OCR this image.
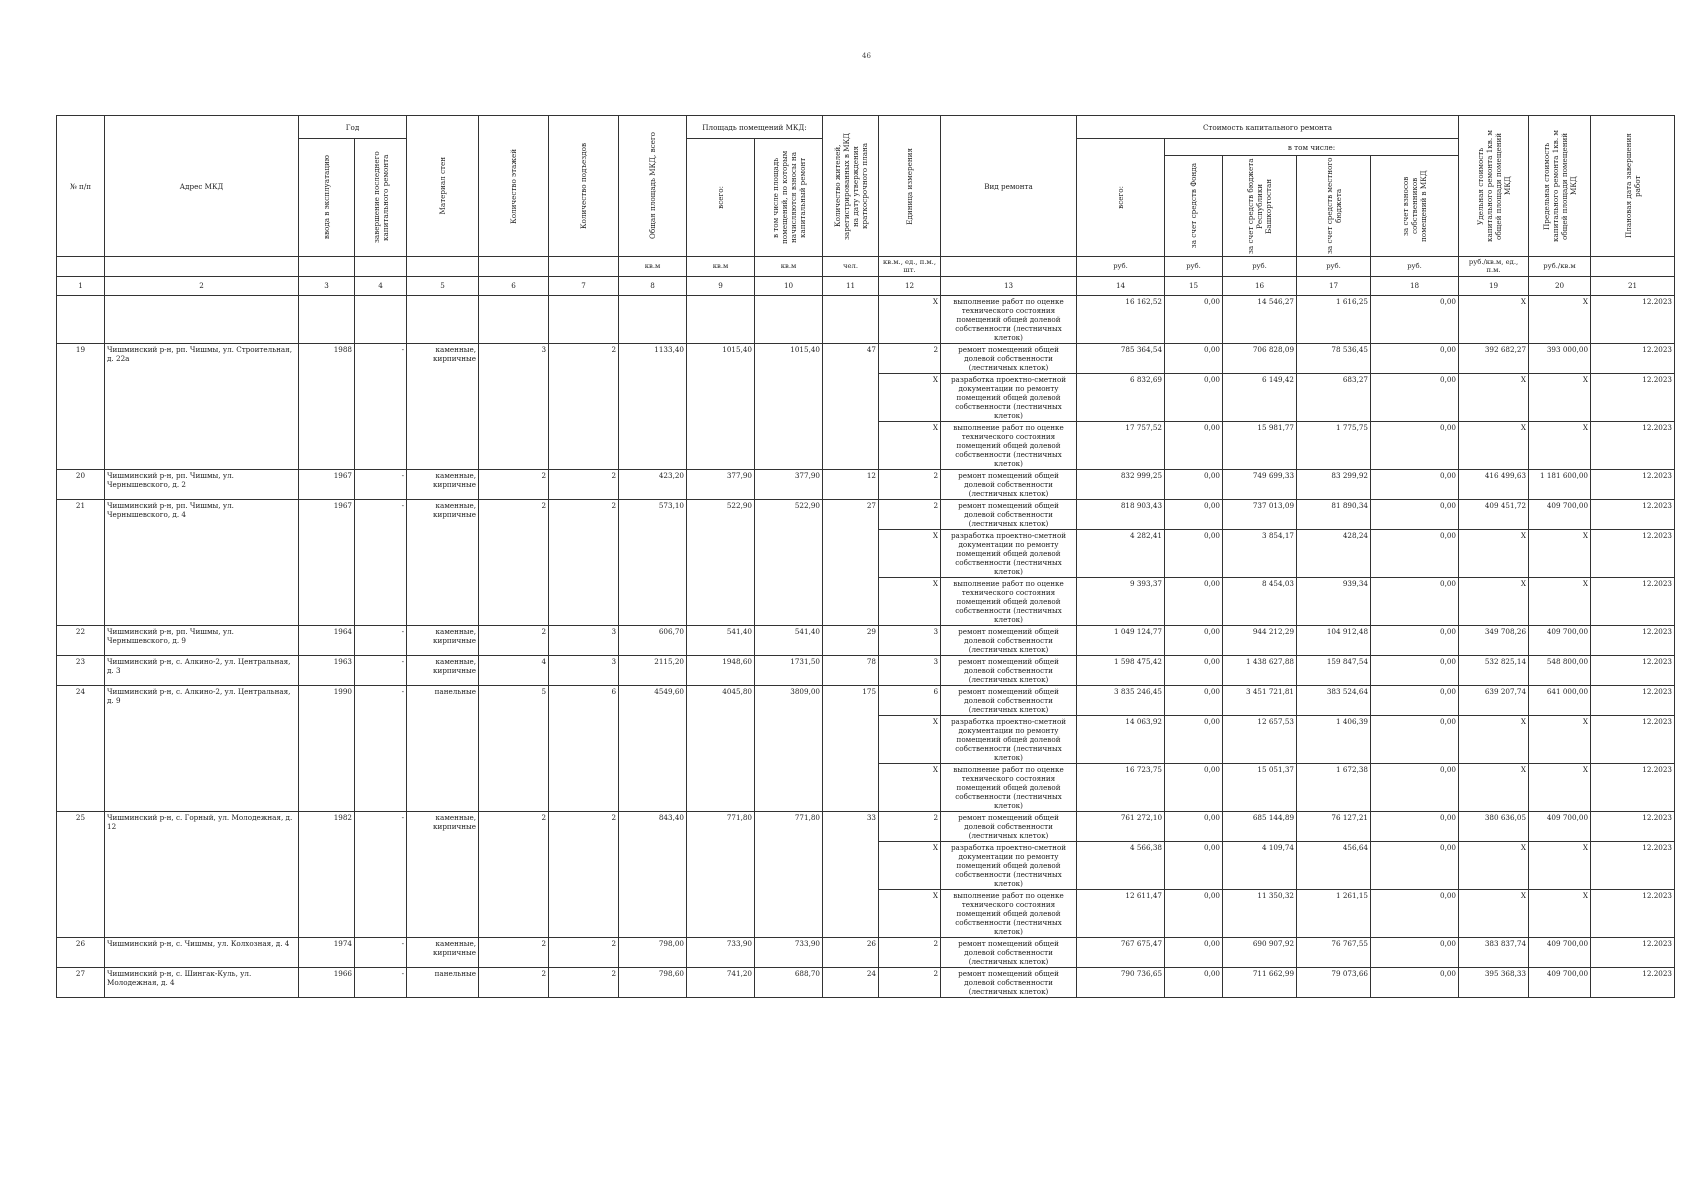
46
№ п/п	Адрес МКД	Год		Материал стен	Количество этажей	Количество подъездов	Общая площадь МКД, всего	Площадь помещений МКД:		Количество жителей, зарегистрированных в МКД на дату утверждения краткосрочного плана	Единица измерения	Вид ремонта	Стоимость капитального ремонта					Удельная стоимость капитального ремонта 1кв. м общей площади помещений МКД	Предельная стоимость капитального ремонта 1кв. м общей площади помещений МКД	Плановая дата завершения работ

		ввода в эксплуатацию	завершение последнего капитального ремонта					всего:	в том числе площадь помещений, по которым начисляются взносы на капитальный ремонт				всего:	в том числе:						

														за счет средств Фонда	за счет средств бюджета Республики Башкортостан	за счет средств местного бюджета	за счет взносов собственников помещений в МКД			

							кв.м	кв.м	кв.м	чел.	кв.м., ед., п.м., шт.		руб.	руб.	руб.	руб.	руб.	руб./кв.м, ед., п.м.	руб./кв.м	
1	2	3	4	5	6	7	8	9	10	11	12	13	14	15	16	17	18	19	20	21
											X	выполнение работ по оценке технического состояния помещений общей долевой собственности (лестничных клеток)	16 162,52	0,00	14 546,27	1 616,25	0,00	X	X	12.2023
19	Чишминский р-н, рп. Чишмы, ул. Строительная, д. 22а	1988	-	каменные, кирпичные	3	2	1133,40	1015,40	1015,40	47	2	ремонт помещений общей долевой собственности (лестничных клеток)	785 364,54	0,00	706 828,09	78 536,45	0,00	392 682,27	393 000,00	12.2023
											X	разработка проектно-сметной документации по ремонту помещений общей долевой собственности (лестничных клеток)	6 832,69	0,00	6 149,42	683,27	0,00	X	X	12.2023
											X	выполнение работ по оценке технического состояния помещений общей долевой собственности (лестничных клеток)	17 757,52	0,00	15 981,77	1 775,75	0,00	X	X	12.2023
20	Чишминский р-н, рп. Чишмы, ул. Чернышевского, д. 2	1967	-	каменные, кирпичные	2	2	423,20	377,90	377,90	12	2	ремонт помещений общей долевой собственности (лестничных клеток)	832 999,25	0,00	749 699,33	83 299,92	0,00	416 499,63	1 181 600,00	12.2023
21	Чишминский р-н, рп. Чишмы, ул. Чернышевского, д. 4	1967	-	каменные, кирпичные	2	2	573,10	522,90	522,90	27	2	ремонт помещений общей долевой собственности (лестничных клеток)	818 903,43	0,00	737 013,09	81 890,34	0,00	409 451,72	409 700,00	12.2023
											X	разработка проектно-сметной документации по ремонту помещений общей долевой собственности (лестничных клеток)	4 282,41	0,00	3 854,17	428,24	0,00	X	X	12.2023
											X	выполнение работ по оценке технического состояния помещений общей долевой собственности (лестничных клеток)	9 393,37	0,00	8 454,03	939,34	0,00	X	X	12.2023
22	Чишминский р-н, рп. Чишмы, ул. Чернышевского, д. 9	1964	-	каменные, кирпичные	2	3	606,70	541,40	541,40	29	3	ремонт помещений общей долевой собственности (лестничных клеток)	1 049 124,77	0,00	944 212,29	104 912,48	0,00	349 708,26	409 700,00	12.2023
23	Чишминский р-н, с. Алкино-2, ул. Центральная, д. 3	1963	-	каменные, кирпичные	4	3	2115,20	1948,60	1731,50	78	3	ремонт помещений общей долевой собственности (лестничных клеток)	1 598 475,42	0,00	1 438 627,88	159 847,54	0,00	532 825,14	548 800,00	12.2023
24	Чишминский р-н, с. Алкино-2, ул. Центральная, д. 9	1990	-	панельные	5	6	4549,60	4045,80	3809,00	175	6	ремонт помещений общей долевой собственности (лестничных клеток)	3 835 246,45	0,00	3 451 721,81	383 524,64	0,00	639 207,74	641 000,00	12.2023
											X	разработка проектно-сметной документации по ремонту помещений общей долевой собственности (лестничных клеток)	14 063,92	0,00	12 657,53	1 406,39	0,00	X	X	12.2023
											X	выполнение работ по оценке технического состояния помещений общей долевой собственности (лестничных клеток)	16 723,75	0,00	15 051,37	1 672,38	0,00	X	X	12.2023
25	Чишминский р-н, с. Горный, ул. Молодежная, д. 12	1982	-	каменные, кирпичные	2	2	843,40	771,80	771,80	33	2	ремонт помещений общей долевой собственности (лестничных клеток)	761 272,10	0,00	685 144,89	76 127,21	0,00	380 636,05	409 700,00	12.2023
											X	разработка проектно-сметной документации по ремонту помещений общей долевой собственности (лестничных клеток)	4 566,38	0,00	4 109,74	456,64	0,00	X	X	12.2023
											X	выполнение работ по оценке технического состояния помещений общей долевой собственности (лестничных клеток)	12 611,47	0,00	11 350,32	1 261,15	0,00	X	X	12.2023
26	Чишминский р-н, с. Чишмы, ул. Колхозная, д. 4	1974	-	каменные, кирпичные	2	2	798,00	733,90	733,90	26	2	ремонт помещений общей долевой собственности (лестничных клеток)	767 675,47	0,00	690 907,92	76 767,55	0,00	383 837,74	409 700,00	12.2023
27	Чишминский р-н, с. Шингак-Куль, ул. Молодежная, д. 4	1966	-	панельные	2	2	798,60	741,20	688,70	24	2	ремонт помещений общей долевой собственности (лестничных клеток)	790 736,65	0,00	711 662,99	79 073,66	0,00	395 368,33	409 700,00	12.2023
